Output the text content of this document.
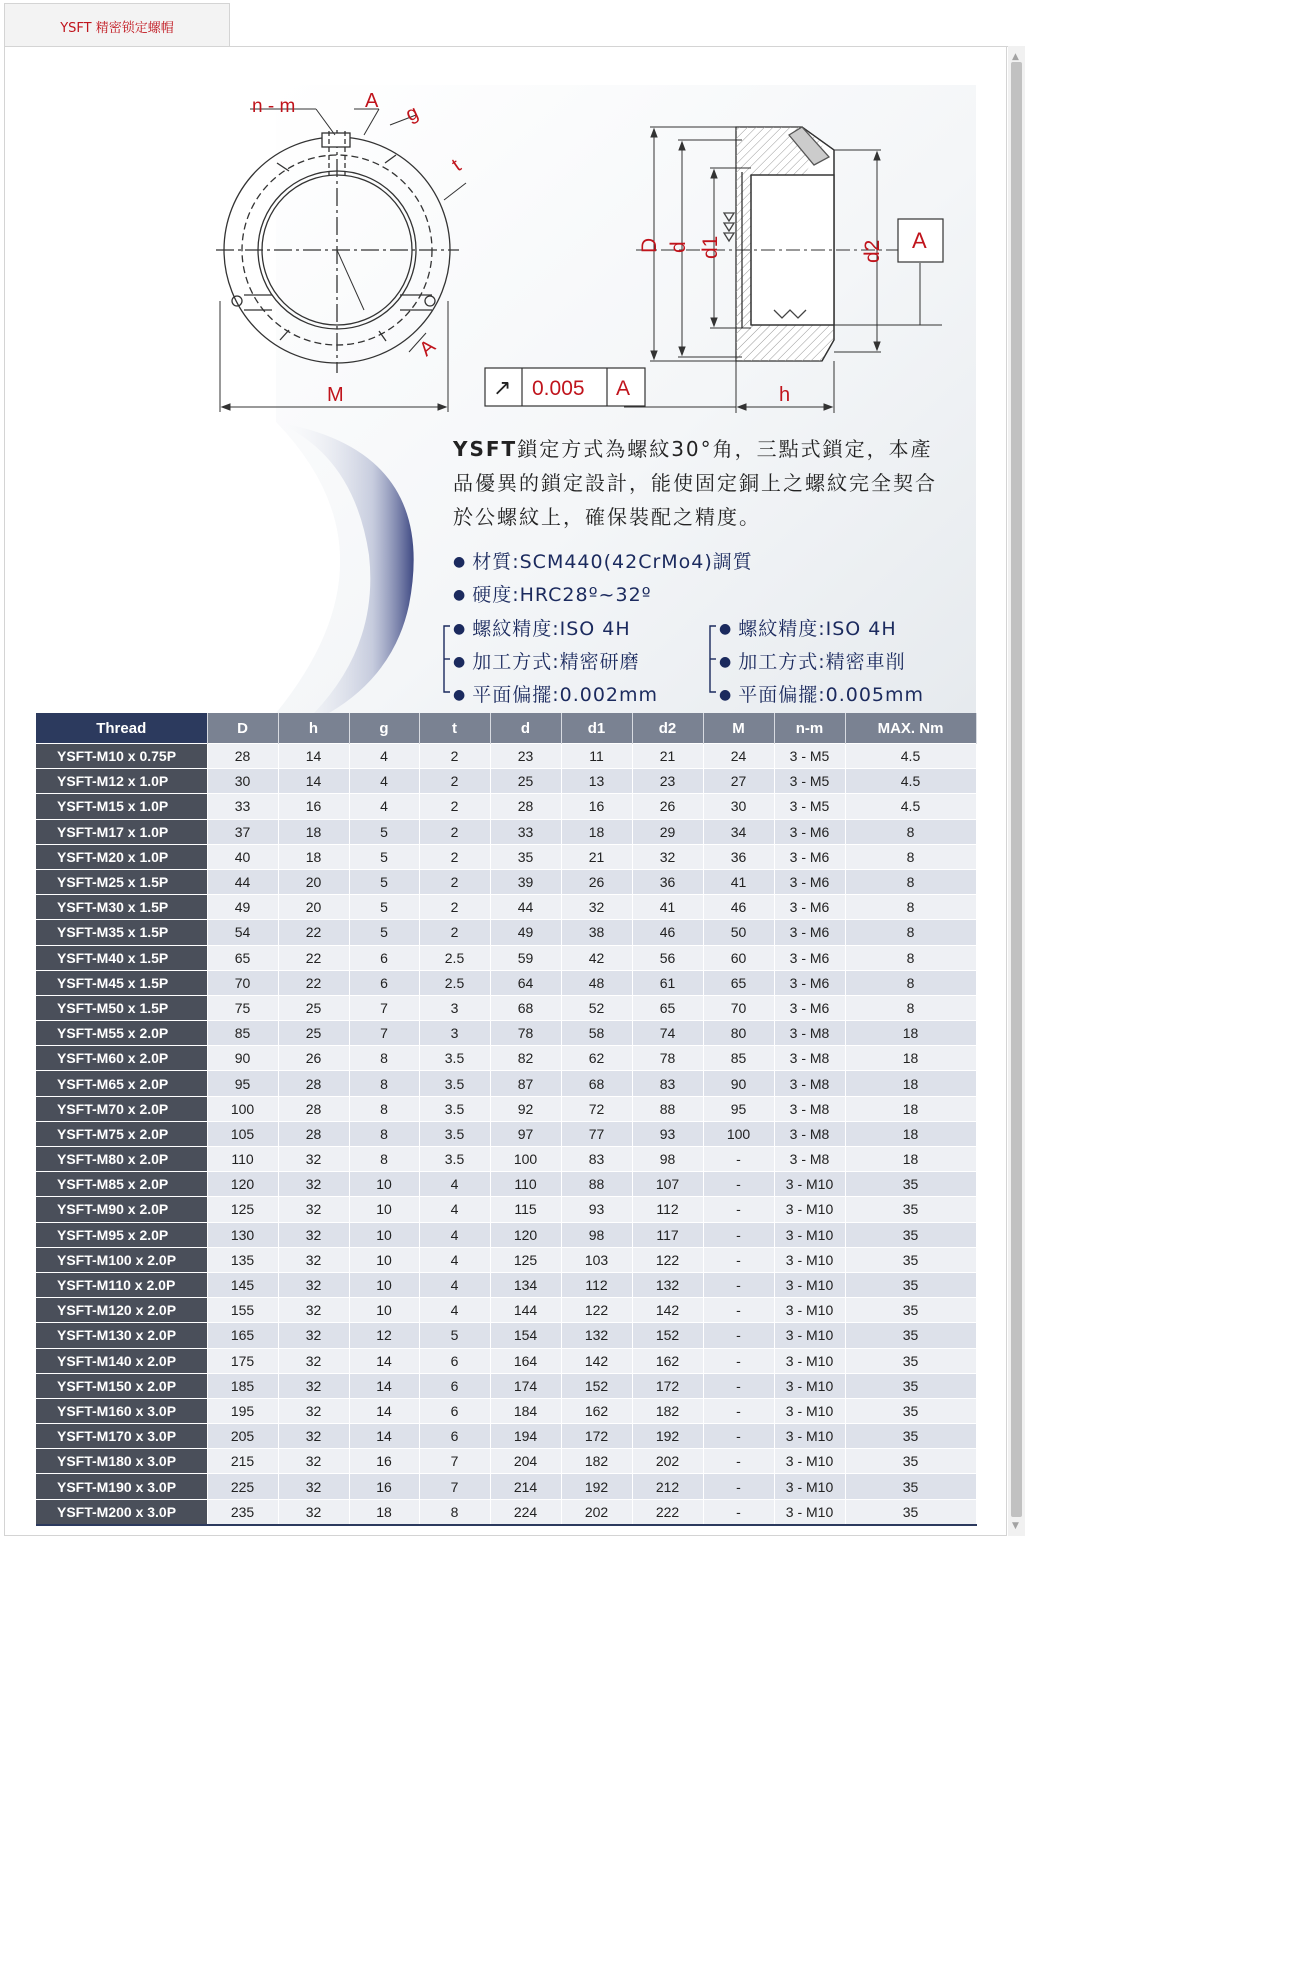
YSFT 精密锁定螺帽
▲
▼
n - m	A
g
t
A
M
D d d1	d2
h
A
↗ 0.005 A
YSFT鎖定方式為螺紋30°角，三點式鎖定，本產品優異的鎖定設計，能使固定銅上之螺紋完全契合於公螺紋上，確保裝配之精度。
● 材質:SCM440(42CrMo4)調質
● 硬度:HRC28º~32º
● 螺紋精度:ISO 4H
● 加工方式:精密研磨
● 平面偏擺:0.002mm
● 螺紋精度:ISO 4H
● 加工方式:精密車削
● 平面偏擺:0.005mm
Thread	D	h	g	t	d	d1	d2	M	n-m	MAX. Nm
YSFT-M10 x 0.75P	28	14	4	2	23	11	21	24	3 - M5	4.5
YSFT-M12 x 1.0P	30	14	4	2	25	13	23	27	3 - M5	4.5
YSFT-M15 x 1.0P	33	16	4	2	28	16	26	30	3 - M5	4.5
YSFT-M17 x 1.0P	37	18	5	2	33	18	29	34	3 - M6	8
YSFT-M20 x 1.0P	40	18	5	2	35	21	32	36	3 - M6	8
YSFT-M25 x 1.5P	44	20	5	2	39	26	36	41	3 - M6	8
YSFT-M30 x 1.5P	49	20	5	2	44	32	41	46	3 - M6	8
YSFT-M35 x 1.5P	54	22	5	2	49	38	46	50	3 - M6	8
YSFT-M40 x 1.5P	65	22	6	2.5	59	42	56	60	3 - M6	8
YSFT-M45 x 1.5P	70	22	6	2.5	64	48	61	65	3 - M6	8
YSFT-M50 x 1.5P	75	25	7	3	68	52	65	70	3 - M6	8
YSFT-M55 x 2.0P	85	25	7	3	78	58	74	80	3 - M8	18
YSFT-M60 x 2.0P	90	26	8	3.5	82	62	78	85	3 - M8	18
YSFT-M65 x 2.0P	95	28	8	3.5	87	68	83	90	3 - M8	18
YSFT-M70 x 2.0P	100	28	8	3.5	92	72	88	95	3 - M8	18
YSFT-M75 x 2.0P	105	28	8	3.5	97	77	93	100	3 - M8	18
YSFT-M80 x 2.0P	110	32	8	3.5	100	83	98	-	3 - M8	18
YSFT-M85 x 2.0P	120	32	10	4	110	88	107	-	3 - M10	35
YSFT-M90 x 2.0P	125	32	10	4	115	93	112	-	3 - M10	35
YSFT-M95 x 2.0P	130	32	10	4	120	98	117	-	3 - M10	35
YSFT-M100 x 2.0P	135	32	10	4	125	103	122	-	3 - M10	35
YSFT-M110 x 2.0P	145	32	10	4	134	112	132	-	3 - M10	35
YSFT-M120 x 2.0P	155	32	10	4	144	122	142	-	3 - M10	35
YSFT-M130 x 2.0P	165	32	12	5	154	132	152	-	3 - M10	35
YSFT-M140 x 2.0P	175	32	14	6	164	142	162	-	3 - M10	35
YSFT-M150 x 2.0P	185	32	14	6	174	152	172	-	3 - M10	35
YSFT-M160 x 3.0P	195	32	14	6	184	162	182	-	3 - M10	35
YSFT-M170 x 3.0P	205	32	14	6	194	172	192	-	3 - M10	35
YSFT-M180 x 3.0P	215	32	16	7	204	182	202	-	3 - M10	35
YSFT-M190 x 3.0P	225	32	16	7	214	192	212	-	3 - M10	35
YSFT-M200 x 3.0P	235	32	18	8	224	202	222	-	3 - M10	35
